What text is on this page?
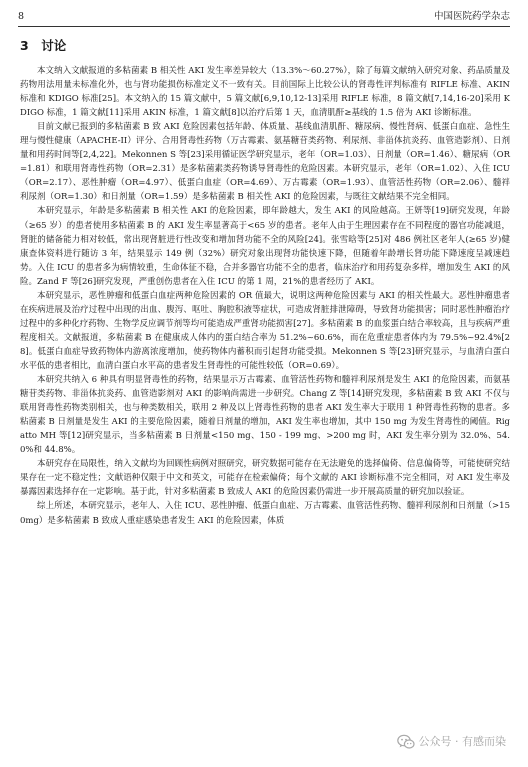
8	中国医院药学杂志
3　讨论

本文纳入文献报道的多粘菌素 B 相关性 AKI 发生率差异较大（13.3%～60.27%），除了每篇文献纳入研究对象、药品质量及药物用法用量未标准化外，也与肾功能损伤标准定义不一致有关。目前国际上比较公认的肾毒性评判标准有 RIFLE 标准、AKIN 标准和 KDIGO 标准[25]。本文纳入的 15 篇文献中，5 篇文献[6,9,10,12-13]采用 RIFLE 标准，8 篇文献[7,14,16-20]采用 KDIGO 标准，1 篇文献[11]采用 AKIN 标准，1 篇文献[8]以治疗后第 1 天，血清肌酐≥基线的 1.5 倍为 AKI 诊断标准。

目前文献已报到的多粘菌素 B 致 AKI 危险因素包括年龄、体质量、基线血清肌酐、糖尿病、慢性肾病、低蛋白血症、急性生理与慢性健康（APACHE-II）评分、合用肾毒性药物（万古霉素、氨基糖苷类药物、利尿剂、非甾体抗炎药、血管造影剂）、日剂量和用药时间等[2,4,22]。Mekonnen S 等[23]采用循证医学研究显示，老年（OR=1.03）、日剂量（OR=1.46）、糖尿病（OR=1.81）和联用肾毒性药物（OR=2.31）是多粘菌素类药物诱导肾毒性的危险因素。本研究显示，老年（OR=1.02）、入住 ICU（OR=2.17）、恶性肿瘤（OR=4.97）、低蛋白血症（OR=4.69）、万古霉素（OR=1.93）、血管活性药物（OR=2.06）、髓袢利尿剂（OR=1.30）和日剂量（OR=1.59）是多粘菌素 B 相关性 AKI 的危险因素，与既往文献结果不完全相同。

本研究显示，年龄是多粘菌素 B 相关性 AKI 的危险因素，即年龄越大，发生 AKI 的风险越高。王妍等[19]研究发现，年龄（≥65 岁）的患者使用多粘菌素 B 的 AKI 发生率显著高于<65 岁的患者。老年人由于生理因素存在不同程度的器官功能减退，肾脏的储备能力相对较低，常出现肾脏进行性改变和增加肾功能不全的风险[24]。张雪晗等[25]对 486 例社区老年人(≥65 岁)健康查体资料进行随访 3 年，结果显示 149 例（32%）研究对象出现肾功能快速下降，但随着年龄增长肾功能下降速度呈减速趋势。入住 ICU 的患者多为病情较重，生命体征不稳，合并多器官功能不全的患者，临床治疗和用药复杂多样，增加发生 AKI 的风险。Zand F 等[26]研究发现，严重创伤患者在入住 ICU 的第 1 周，21%的患者经历了 AKI。

本研究显示，恶性肿瘤和低蛋白血症两种危险因素的 OR 值最大，说明这两种危险因素与 AKI 的相关性最大。恶性肿瘤患者在疾病进展及治疗过程中出现的出血、腹泻、呕吐、胸腔积液等症状，可造成肾脏排泄障碍，导致肾功能损害；同时恶性肿瘤治疗过程中的多种化疗药物、生物学反应调节剂等均可能造成严重肾功能损害[27]。多粘菌素 B 的血浆蛋白结合率较高，且与疾病严重程度相关。文献报道，多粘菌素 B 在健康成人体内的蛋白结合率为 51.2%~60.6%，而在危重症患者体内为 79.5%~92.4%[28]。低蛋白血症导致药物体内游离浓度增加，使药物体内蓄积而引起肾功能受损。Mekonnen S 等[23]研究显示，与血清白蛋白水平低的患者相比，血清白蛋白水平高的患者发生肾毒性的可能性较低（OR=0.69）。

本研究共纳入 6 种具有明显肾毒性的药物，结果显示万古霉素、血管活性药物和髓袢利尿剂是发生 AKI 的危险因素，而氨基糖苷类药物、非甾体抗炎药、血管造影剂对 AKI 的影响尚需进一步研究。Chang Z 等[14]研究发现，多粘菌素 B 致 AKI 不仅与联用肾毒性药物类别相关，也与种类数相关，联用 2 种及以上肾毒性药物的患者 AKI 发生率大于联用 1 种肾毒性药物的患者。多粘菌素 B 日剂量是发生 AKI 的主要危险因素，随着日剂量的增加，AKI 发生率也增加，其中 150 mg 为发生肾毒性的阈值。Rigatto MH 等[12]研究显示，当多粘菌素 B 日剂量<150 mg、150 - 199 mg、>200 mg 时，AKI 发生率分别为 32.0%、54.0%和 44.8%。

本研究存在局限性，纳入文献均为回顾性病例对照研究，研究数据可能存在无法避免的选择偏倚、信息偏倚等，可能使研究结果存在一定不稳定性；文献语种仅限于中文和英文，可能存在检索偏倚；每个文献的 AKI 诊断标准不完全相同，对 AKI 发生率及暴露因素选择存在一定影响。基于此，针对多粘菌素 B 致成人 AKI 的危险因素仍需进一步开展高质量的研究加以验证。

综上所述，本研究显示，老年人、入住 ICU、恶性肿瘤、低蛋白血症、万古霉素、血管活性药物、髓袢利尿剂和日剂量（>150mg）是多粘菌素 B 致成人重症感染患者发生 AKI 的危险因素，体质

公众号 · 有感而染
